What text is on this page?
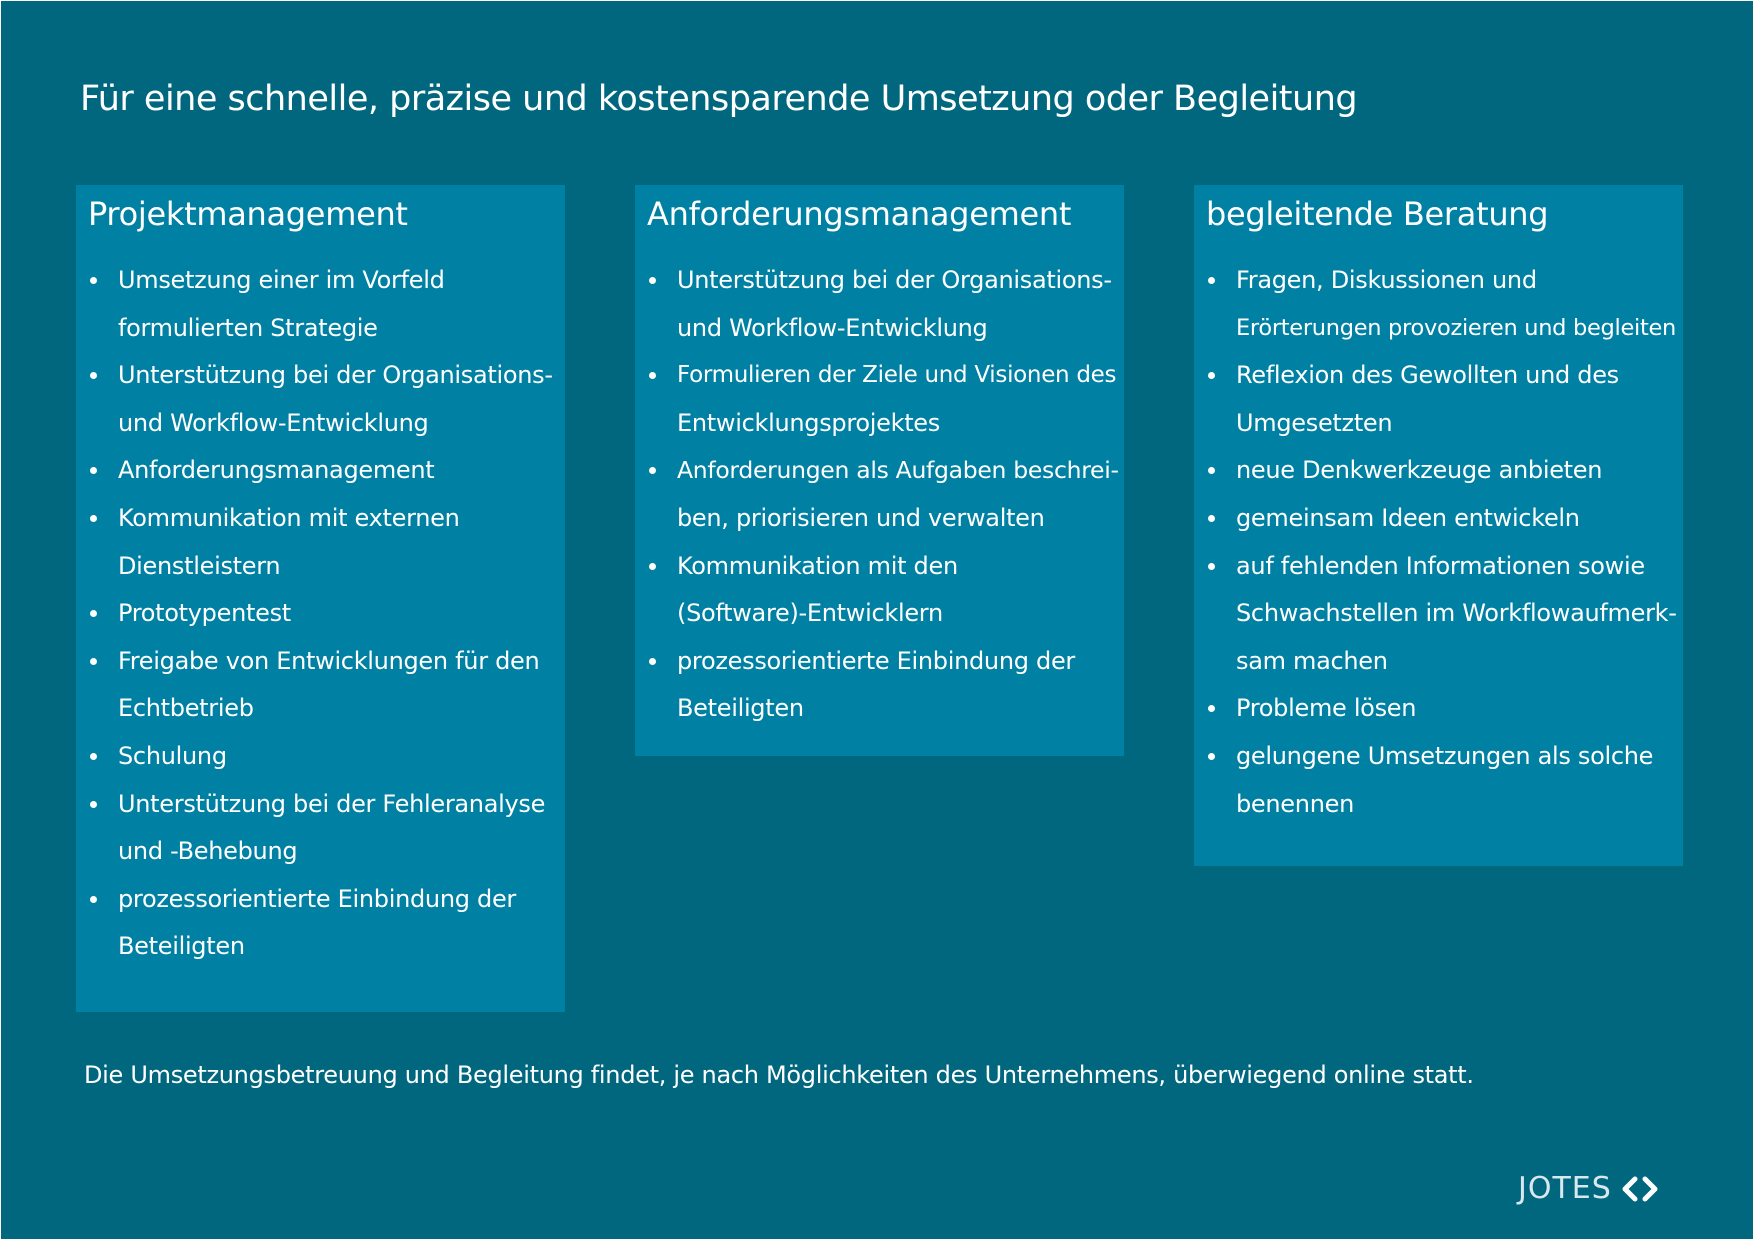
Für eine schnelle, präzise und kostensparende Umsetzung oder Begleitung
Projektmanagement
Umsetzung einer im Vorfeld
formulierten Strategie
Unterstützung bei der Organisations-
und Workflow-Entwicklung
Anforderungsmanagement
Kommunikation mit externen
Dienstleistern
Prototypentest
Freigabe von Entwicklungen für den
Echtbetrieb
Schulung
Unterstützung bei der Fehleranalyse
und -Behebung
prozessorientierte Einbindung der
Beteiligten
Anforderungsmanagement
Unterstützung bei der Organisations-
und Workflow-Entwicklung
Formulieren der Ziele und Visionen des
Entwicklungsprojektes
Anforderungen als Aufgaben beschrei-
ben, priorisieren und verwalten
Kommunikation mit den
(Software)-Entwicklern
prozessorientierte Einbindung der
Beteiligten
begleitende Beratung
Fragen, Diskussionen und
Erörterungen provozieren und begleiten
Reflexion des Gewollten und des
Umgesetzten
neue Denkwerkzeuge anbieten
gemeinsam Ideen entwickeln
auf fehlenden Informationen sowie
Schwachstellen im Workflowaufmerk-
sam machen
Probleme lösen
gelungene Umsetzungen als solche
benennen

Die Umsetzungsbetreuung und Begleitung findet, je nach Möglichkeiten des Unternehmens, überwiegend online statt.

JOTES
